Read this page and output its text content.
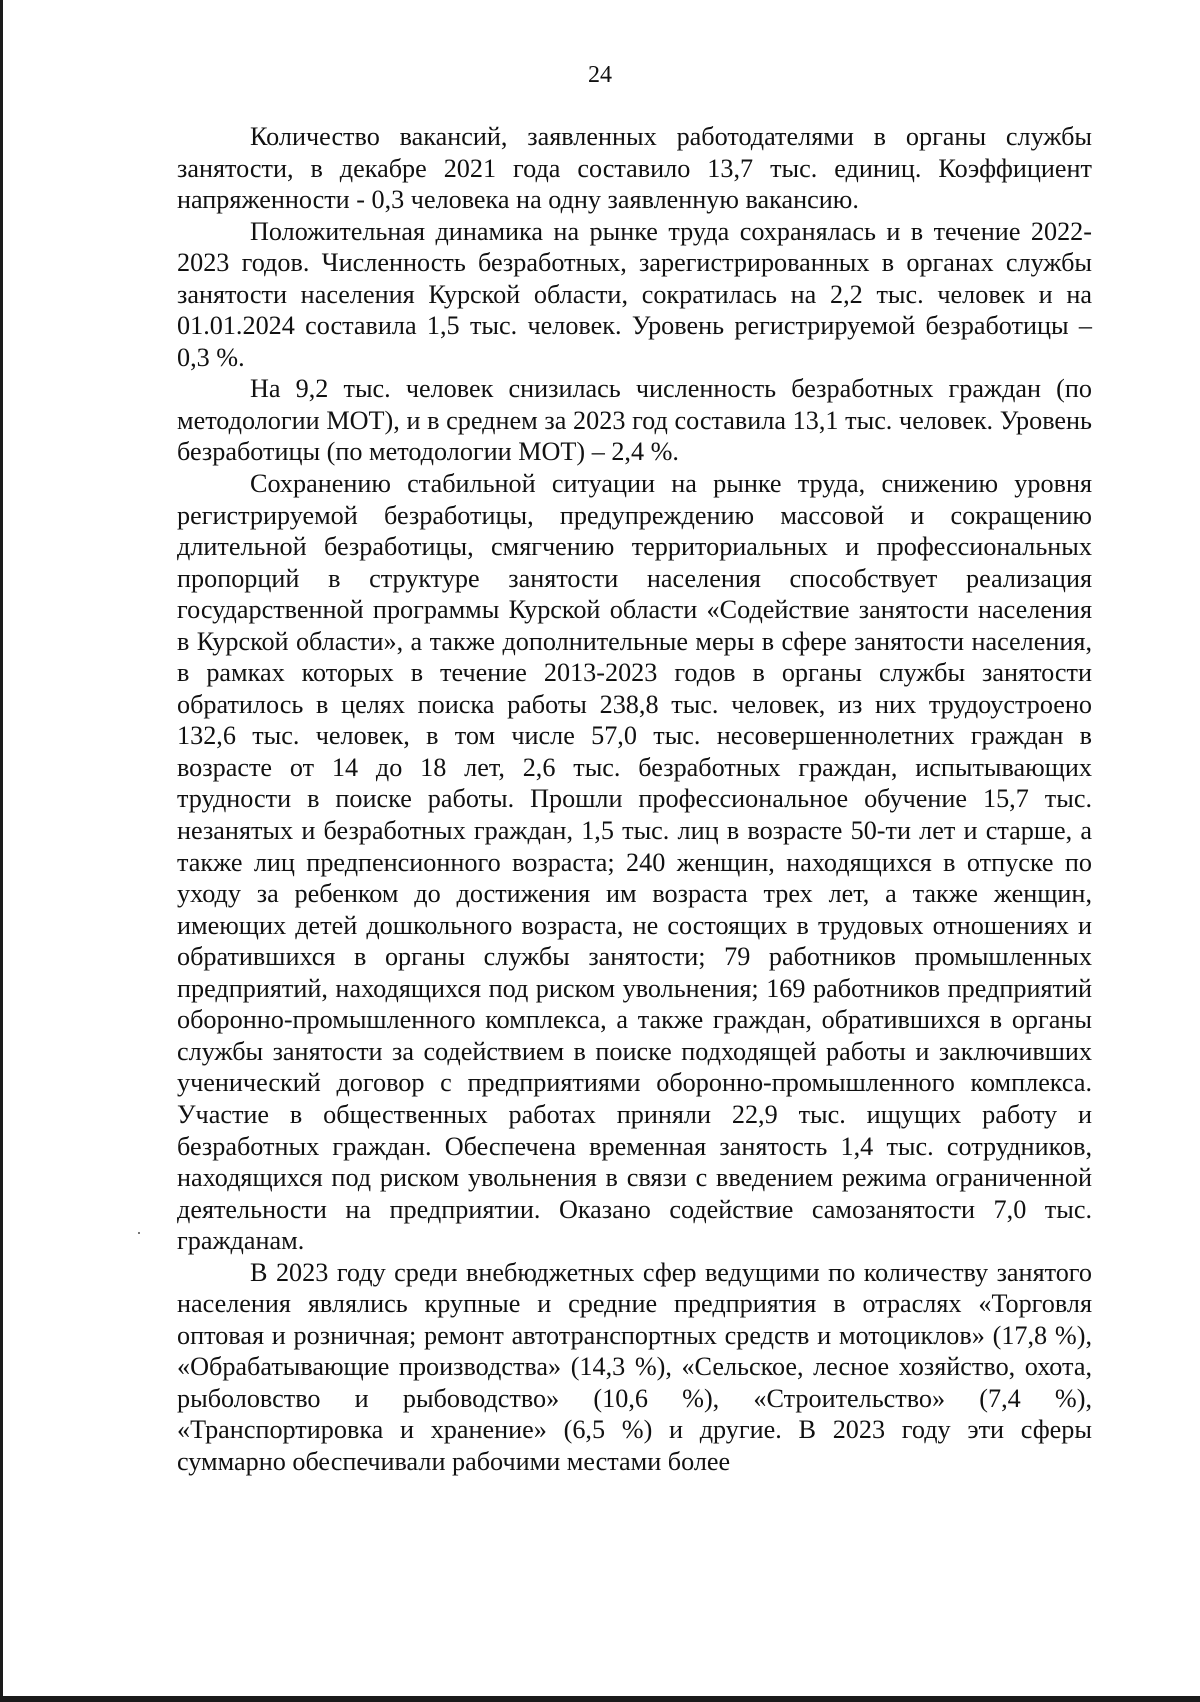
24

Количество вакансий, заявленных работодателями в органы службы занятости, в декабре 2021 года составило 13,7 тыс. единиц. Коэффициент напряженности - 0,3 человека на одну заявленную вакансию.

Положительная динамика на рынке труда сохранялась и в течение 2022-2023 годов. Численность безработных, зарегистрированных в органах службы занятости населения Курской области, сократилась на 2,2 тыс. человек и на 01.01.2024 составила 1,5 тыс. человек. Уровень регистрируемой безработицы – 0,3 %.

На 9,2 тыс. человек снизилась численность безработных граждан (по методологии МОТ), и в среднем за 2023 год составила 13,1 тыс. человек. Уровень безработицы (по методологии МОТ) – 2,4 %.

Сохранению стабильной ситуации на рынке труда, снижению уровня регистрируемой безработицы, предупреждению массовой и сокращению длительной безработицы, смягчению территориальных и профессиональных пропорций в структуре занятости населения способствует реализация государственной программы Курской области «Содействие занятости населения в Курской области», а также дополнительные меры в сфере занятости населения, в рамках которых в течение 2013-2023 годов в органы службы занятости обратилось в целях поиска работы 238,8 тыс. человек, из них трудоустроено 132,6 тыс. человек, в том числе 57,0 тыс. несовершеннолетних граждан в возрасте от 14 до 18 лет, 2,6 тыс. безработных граждан, испытывающих трудности в поиске работы. Прошли профессиональное обучение 15,7 тыс. незанятых и безработных граждан, 1,5 тыс. лиц в возрасте 50-ти лет и старше, а также лиц предпенсионного возраста; 240 женщин, находящихся в отпуске по уходу за ребенком до достижения им возраста трех лет, а также женщин, имеющих детей дошкольного возраста, не состоящих в трудовых отношениях и обратившихся в органы службы занятости; 79 работников промышленных предприятий, находящихся под риском увольнения; 169 работников предприятий оборонно-промышленного комплекса, а также граждан, обратившихся в органы службы занятости за содействием в поиске подходящей работы и заключивших ученический договор с предприятиями оборонно-промышленного комплекса. Участие в общественных работах приняли 22,9 тыс. ищущих работу и безработных граждан. Обеспечена временная занятость 1,4 тыс. сотрудников, находящихся под риском увольнения в связи с введением режима ограниченной деятельности на предприятии. Оказано содействие самозанятости 7,0 тыс. гражданам.

В 2023 году среди внебюджетных сфер ведущими по количеству занятого населения являлись крупные и средние предприятия в отраслях «Торговля оптовая и розничная; ремонт автотранспортных средств и мотоциклов» (17,8 %), «Обрабатывающие производства» (14,3 %), «Сельское, лесное хозяйство, охота, рыболовство и рыбоводство» (10,6 %), «Строительство» (7,4 %), «Транспортировка и хранение» (6,5 %) и другие. В 2023 году эти сферы суммарно обеспечивали рабочими местами более
